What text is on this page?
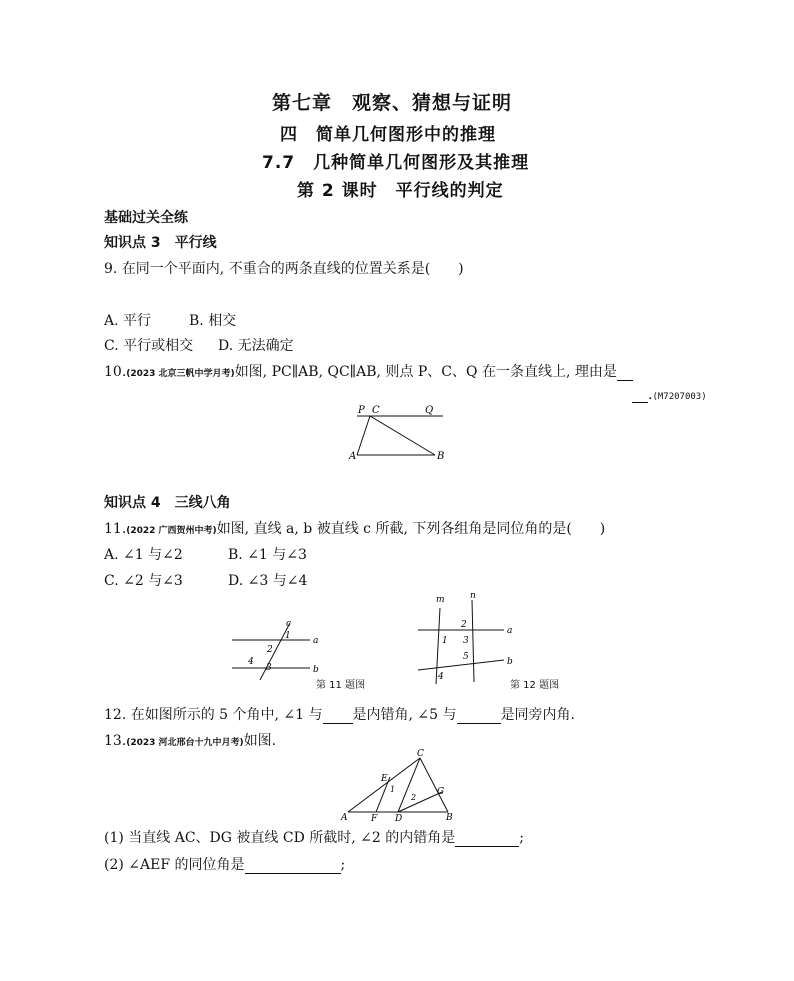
第七章　观察、猜想与证明
四　简单几何图形中的推理
7.7　几种简单几何图形及其推理
第 2 课时　平行线的判定
基础过关全练
知识点 3　平行线
9. 在同一个平面内, 不重合的两条直线的位置关系是(　　)
A. 平行	B. 相交
C. 平行或相交 D. 无法确定
10.(2023 北京三帆中学月考)如图, PC∥AB, QC∥AB, 则点 P、C、Q 在一条直线上, 理由是
.(M7207003)
P C	Q
A	B
知识点 4　三线八角
11.(2022 广西贺州中考)如图, 直线 a, b 被直线 c 所截, 下列各组角是同位角的是(　　)
A. ∠1 与∠2	B. ∠1 与∠3
C. ∠2 与∠3	D. ∠3 与∠4
c
a
b
1
2
3
4
第 11 题图
m	n
a
b
1
2
3
4
5
第 12 题图
12. 在如图所示的 5 个角中, ∠1 与 是内错角, ∠5 与	是同旁内角.
13.(2023 河北邢台十九中月考)如图.
A	B
C
D
E
F
G
1
2
(1) 当直线 AC、DG 被直线 CD 所截时, ∠2 的内错角是	;
(2) ∠AEF 的同位角是	;
